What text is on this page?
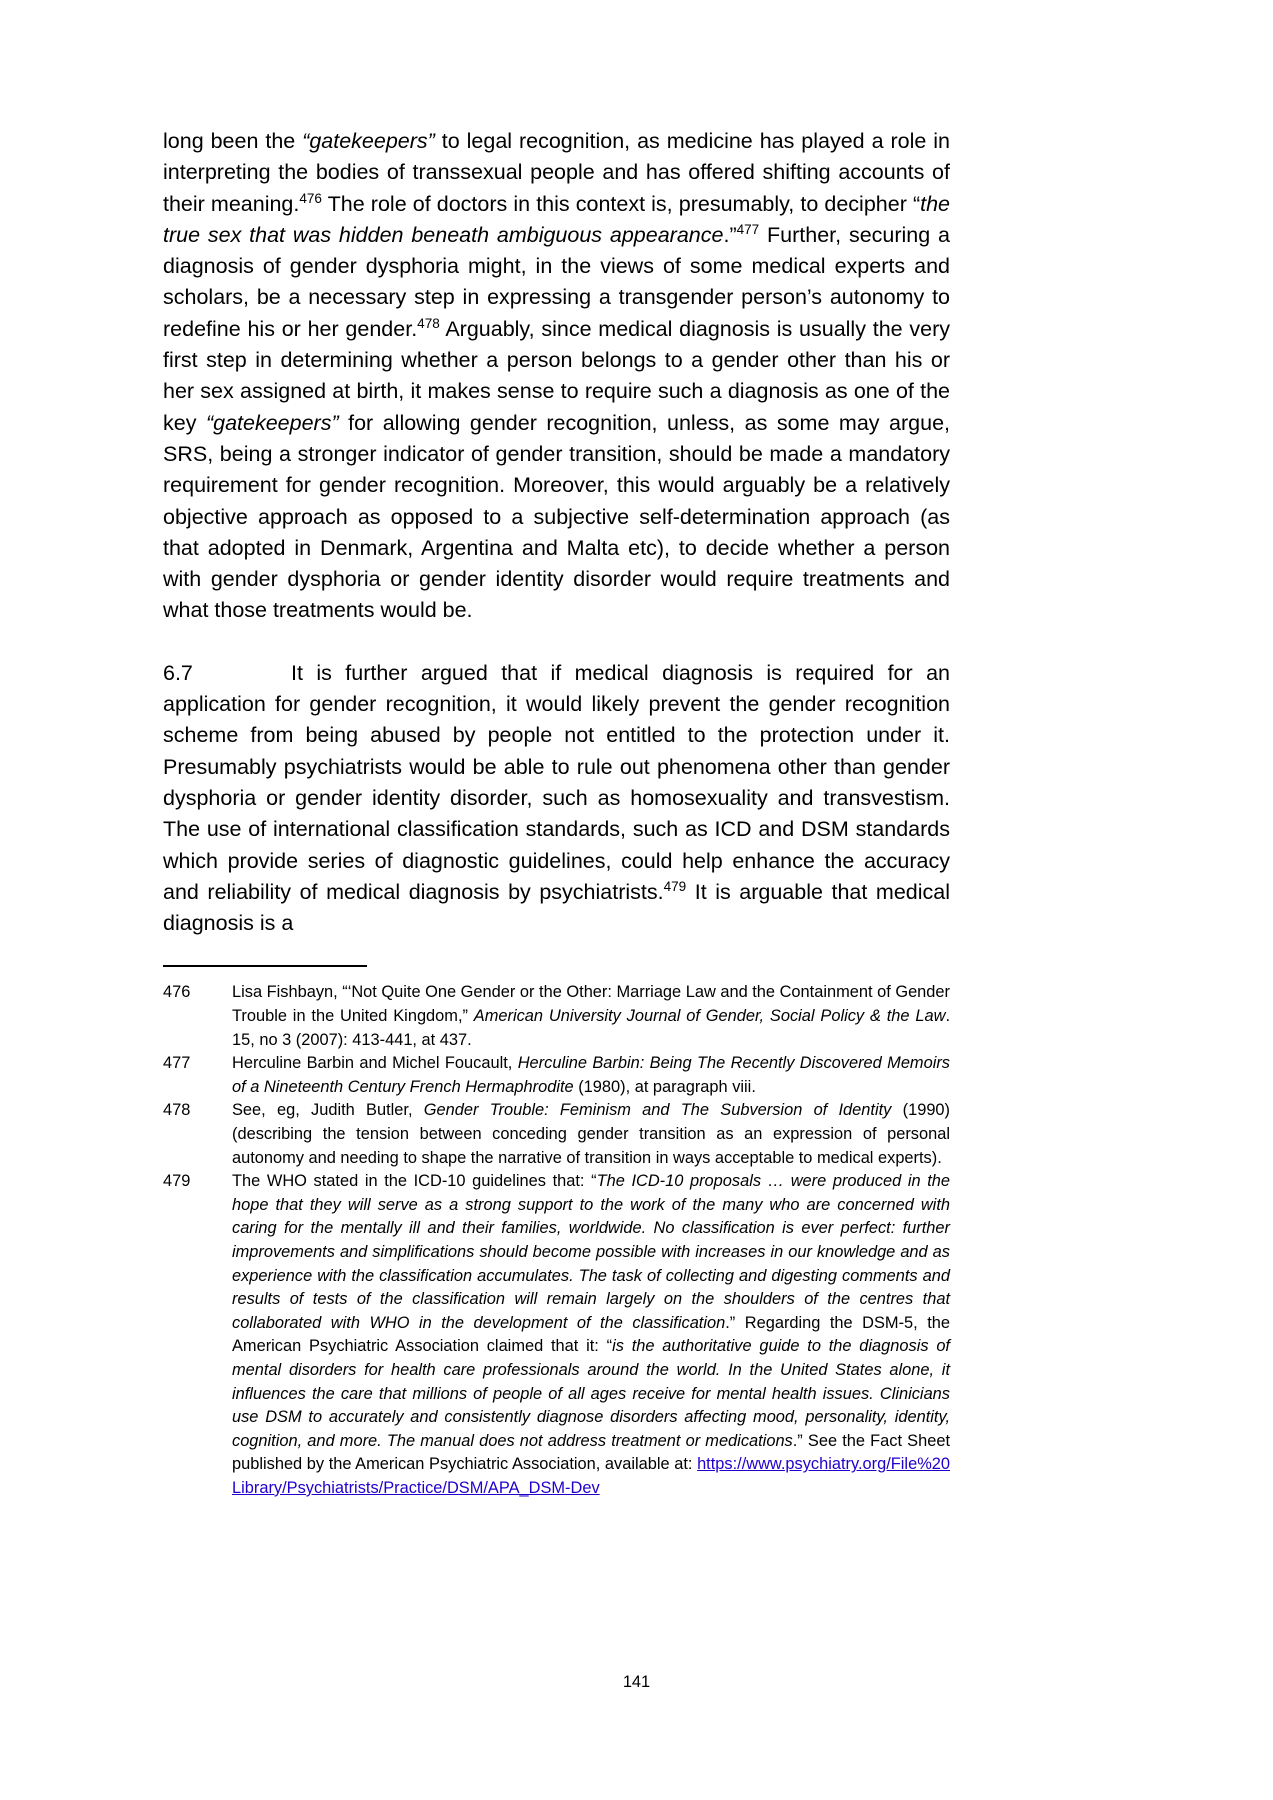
long been the “gatekeepers” to legal recognition, as medicine has played a role in interpreting the bodies of transsexual people and has offered shifting accounts of their meaning.$^{476}$ The role of doctors in this context is, presumably, to decipher “the true sex that was hidden beneath ambiguous appearance.”$^{477}$ Further, securing a diagnosis of gender dysphoria might, in the views of some medical experts and scholars, be a necessary step in expressing a transgender person’s autonomy to redefine his or her gender.$^{478}$ Arguably, since medical diagnosis is usually the very first step in determining whether a person belongs to a gender other than his or her sex assigned at birth, it makes sense to require such a diagnosis as one of the key “gatekeepers” for allowing gender recognition, unless, as some may argue, SRS, being a stronger indicator of gender transition, should be made a mandatory requirement for gender recognition. Moreover, this would arguably be a relatively objective approach as opposed to a subjective self-determination approach (as that adopted in Denmark, Argentina and Malta etc), to decide whether a person with gender dysphoria or gender identity disorder would require treatments and what those treatments would be.

6.7	It is further argued that if medical diagnosis is required for an application for gender recognition, it would likely prevent the gender recognition scheme from being abused by people not entitled to the protection under it. Presumably psychiatrists would be able to rule out phenomena other than gender dysphoria or gender identity disorder, such as homosexuality and transvestism. The use of international classification standards, such as ICD and DSM standards which provide series of diagnostic guidelines, could help enhance the accuracy and reliability of medical diagnosis by psychiatrists.$^{479}$ It is arguable that medical diagnosis is a

476	Lisa Fishbayn, “‘Not Quite One Gender or the Other: Marriage Law and the Containment of Gender Trouble in the United Kingdom,” American University Journal of Gender, Social Policy & the Law. 15, no 3 (2007): 413-441, at 437.
477	Herculine Barbin and Michel Foucault, Herculine Barbin: Being The Recently Discovered Memoirs of a Nineteenth Century French Hermaphrodite (1980), at paragraph viii.
478	See, eg, Judith Butler, Gender Trouble: Feminism and The Subversion of Identity (1990) (describing the tension between conceding gender transition as an expression of personal autonomy and needing to shape the narrative of transition in ways acceptable to medical experts).
479	The WHO stated in the ICD-10 guidelines that: “The ICD-10 proposals … were produced in the hope that they will serve as a strong support to the work of the many who are concerned with caring for the mentally ill and their families, worldwide. No classification is ever perfect: further improvements and simplifications should become possible with increases in our knowledge and as experience with the classification accumulates. The task of collecting and digesting comments and results of tests of the classification will remain largely on the shoulders of the centres that collaborated with WHO in the development of the classification.” Regarding the DSM-5, the American Psychiatric Association claimed that it: “is the authoritative guide to the diagnosis of mental disorders for health care professionals around the world. In the United States alone, it influences the care that millions of people of all ages receive for mental health issues. Clinicians use DSM to accurately and consistently diagnose disorders affecting mood, personality, identity, cognition, and more. The manual does not address treatment or medications.” See the Fact Sheet published by the American Psychiatric Association, available at: https://www.psychiatry.org/File%20Library/Psychiatrists/Practice/DSM/APA_DSM-Dev
141
